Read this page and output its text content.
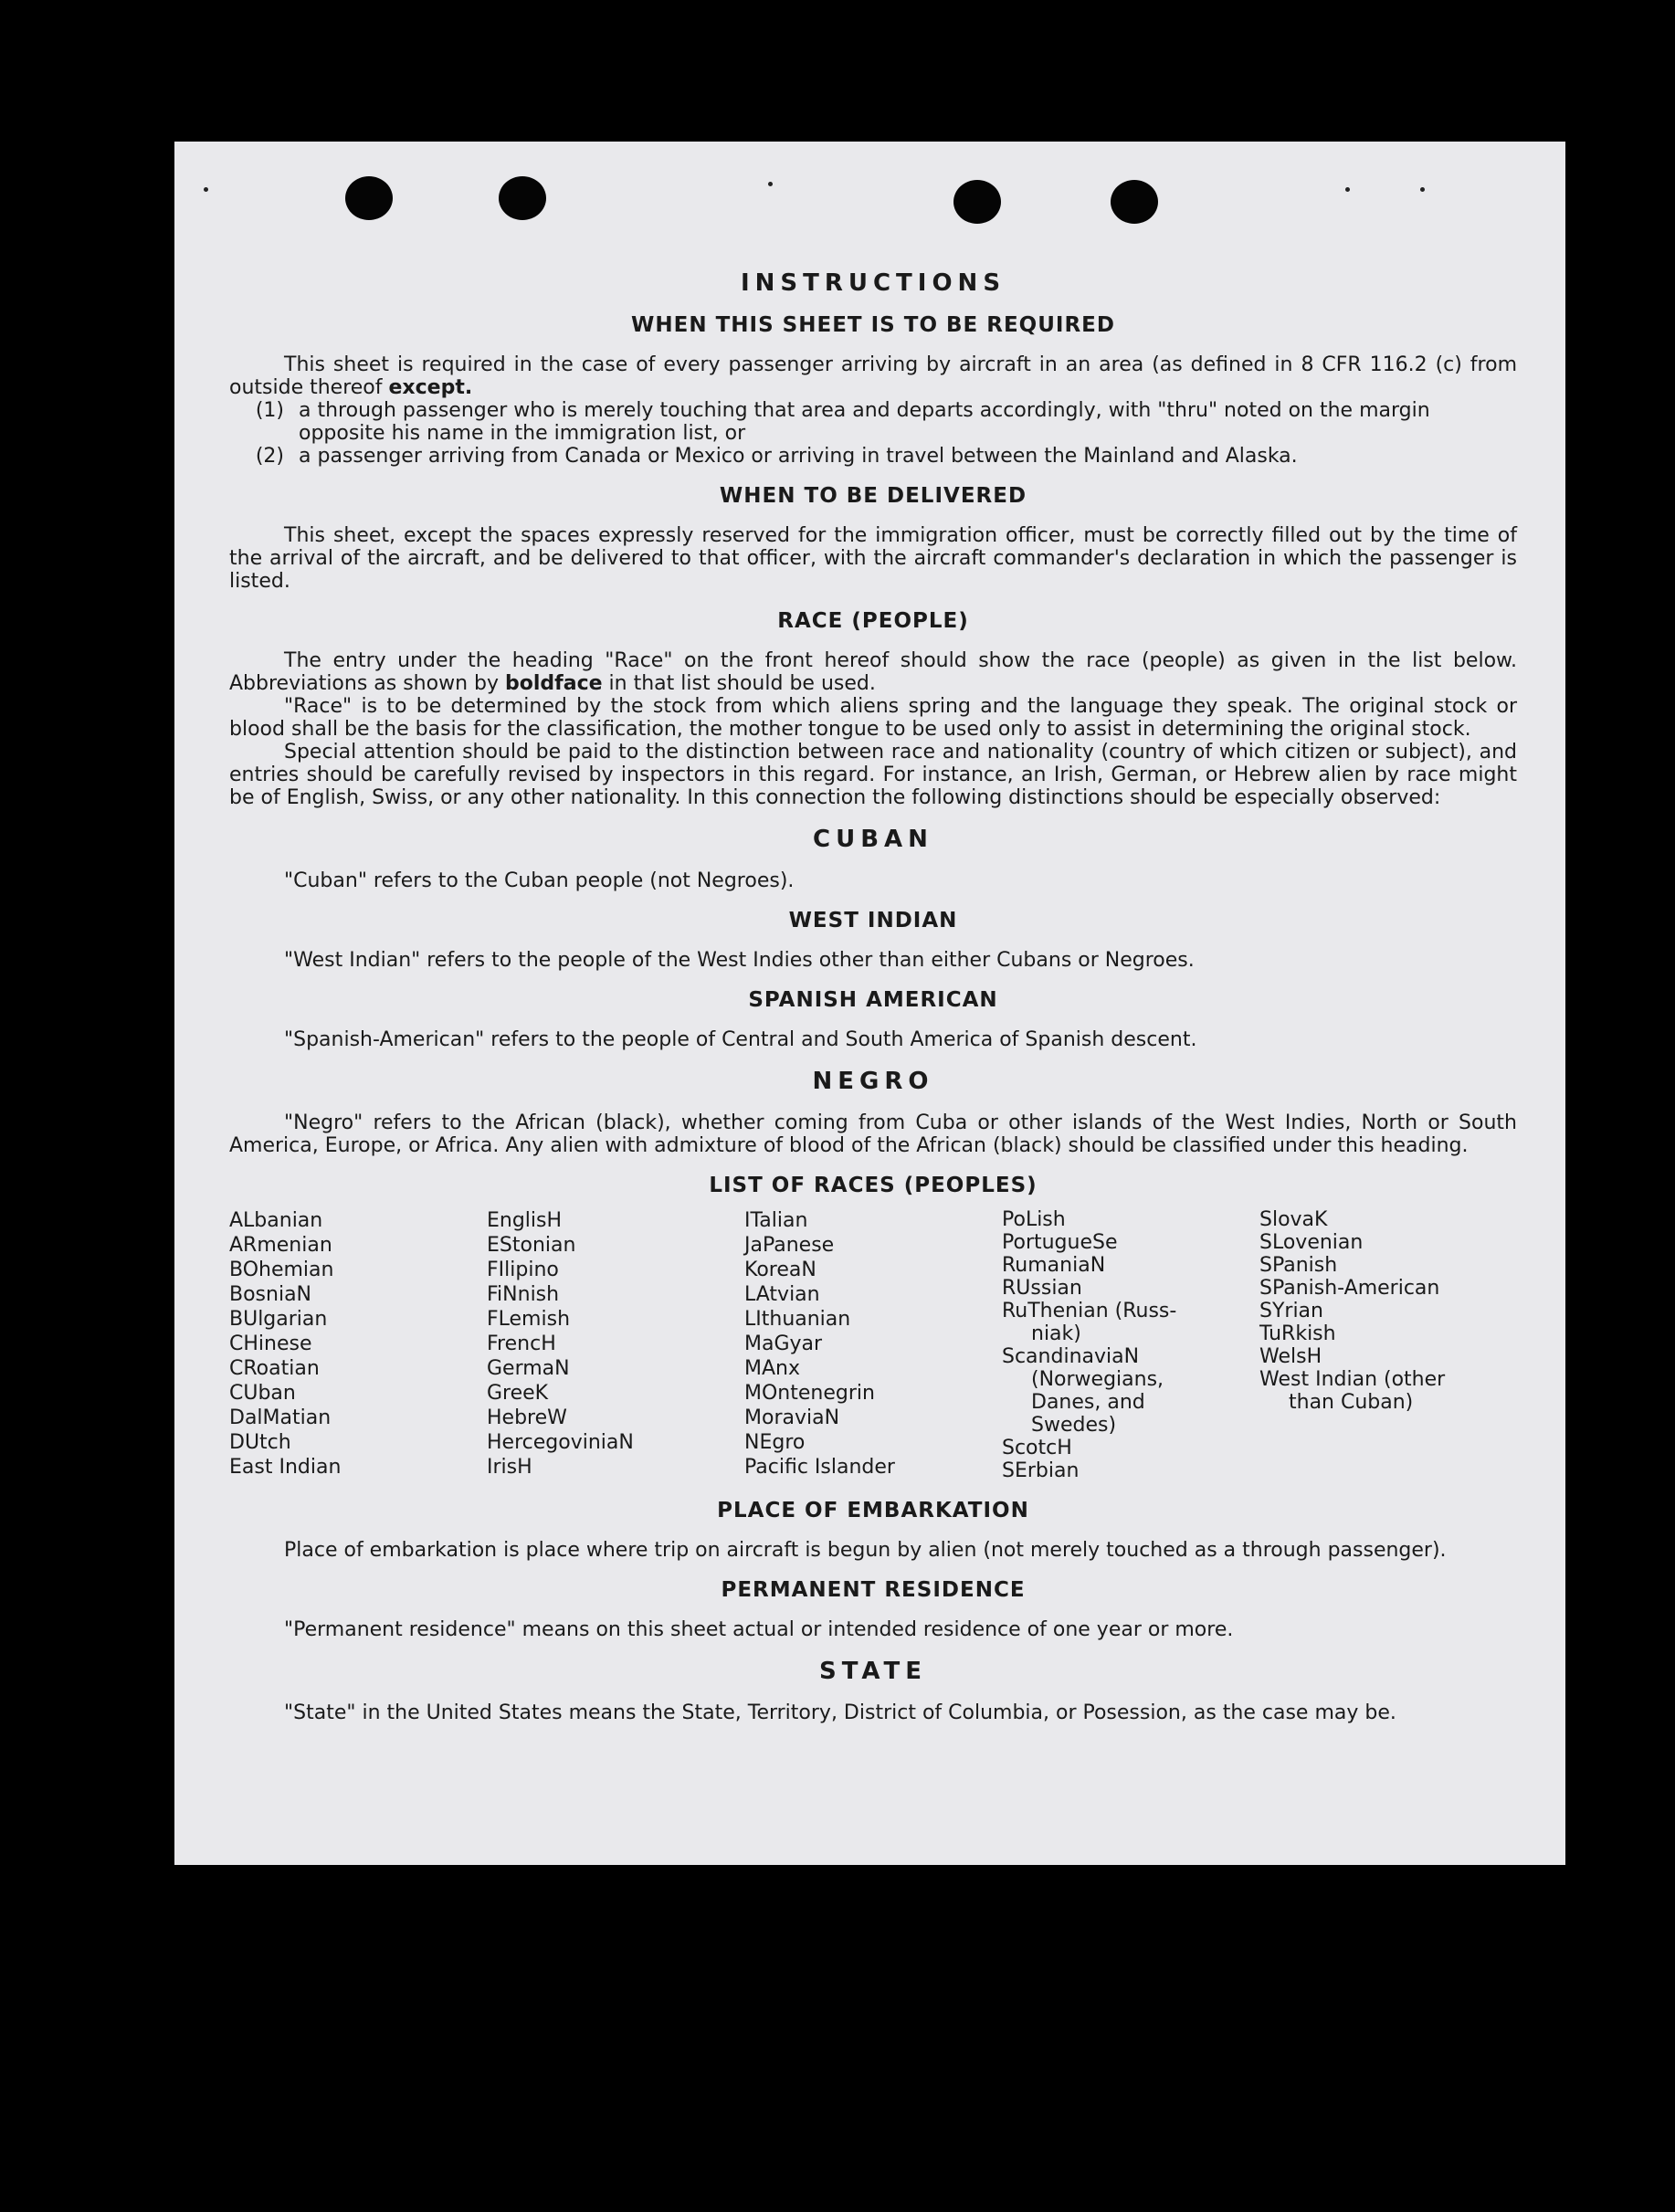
INSTRUCTIONS
WHEN THIS SHEET IS TO BE REQUIRED

This sheet is required in the case of every passenger arriving by aircraft in an area (as defined in 8 CFR 116.2 (c) from outside thereof except.

(1) a through passenger who is merely touching that area and departs accordingly, with "thru" noted on the margin opposite his name in the immigration list, or
(2) a passenger arriving from Canada or Mexico or arriving in travel between the Mainland and Alaska.
WHEN TO BE DELIVERED

This sheet, except the spaces expressly reserved for the immigration officer, must be correctly filled out by the time of the arrival of the aircraft, and be delivered to that officer, with the aircraft commander's declaration in which the passenger is listed.

RACE (PEOPLE)

The entry under the heading "Race" on the front hereof should show the race (people) as given in the list below. Abbreviations as shown by boldface in that list should be used.

"Race" is to be determined by the stock from which aliens spring and the language they speak. The original stock or blood shall be the basis for the classification, the mother tongue to be used only to assist in determining the original stock.

Special attention should be paid to the distinction between race and nationality (country of which citizen or subject), and entries should be carefully revised by inspectors in this regard. For instance, an Irish, German, or Hebrew alien by race might be of English, Swiss, or any other nationality. In this connection the following distinctions should be especially observed:

CUBAN

"Cuban" refers to the Cuban people (not Negroes).

WEST INDIAN

"West Indian" refers to the people of the West Indies other than either Cubans or Negroes.

SPANISH AMERICAN

"Spanish-American" refers to the people of Central and South America of Spanish descent.

NEGRO

"Negro" refers to the African (black), whether coming from Cuba or other islands of the West Indies, North or South America, Europe, or Africa. Any alien with admixture of blood of the African (black) should be classified under this heading.

LIST OF RACES (PEOPLES)
ALbanian
ARmenian
BOhemian
BosniaN
BUlgarian
CHinese
CRoatian
CUban
DalMatian
DUtch
East Indian
EnglisH
EStonian
FIlipino
FiNnish
FLemish
FrencH
GermaN
GreeK
HebreW
HercegoviniaN
IrisH
ITalian
JaPanese
KoreaN
LAtvian
LIthuanian
MaGyar
MAnx
MOntenegrin
MoraviaN
NEgro
Pacific Islander
PoLish
PortugueSe
RumaniaN
RUssian
RuThenian (Russ-
niak)
ScandinaviaN
(Norwegians,
Danes, and
Swedes)
ScotcH
SErbian
SlovaK
SLovenian
SPanish
SPanish-American
SYrian
TuRkish
WelsH
West Indian (other
than Cuban)
PLACE OF EMBARKATION

Place of embarkation is place where trip on aircraft is begun by alien (not merely touched as a through passenger).

PERMANENT RESIDENCE

"Permanent residence" means on this sheet actual or intended residence of one year or more.

STATE

"State" in the United States means the State, Territory, District of Columbia, or Posession, as the case may be.
